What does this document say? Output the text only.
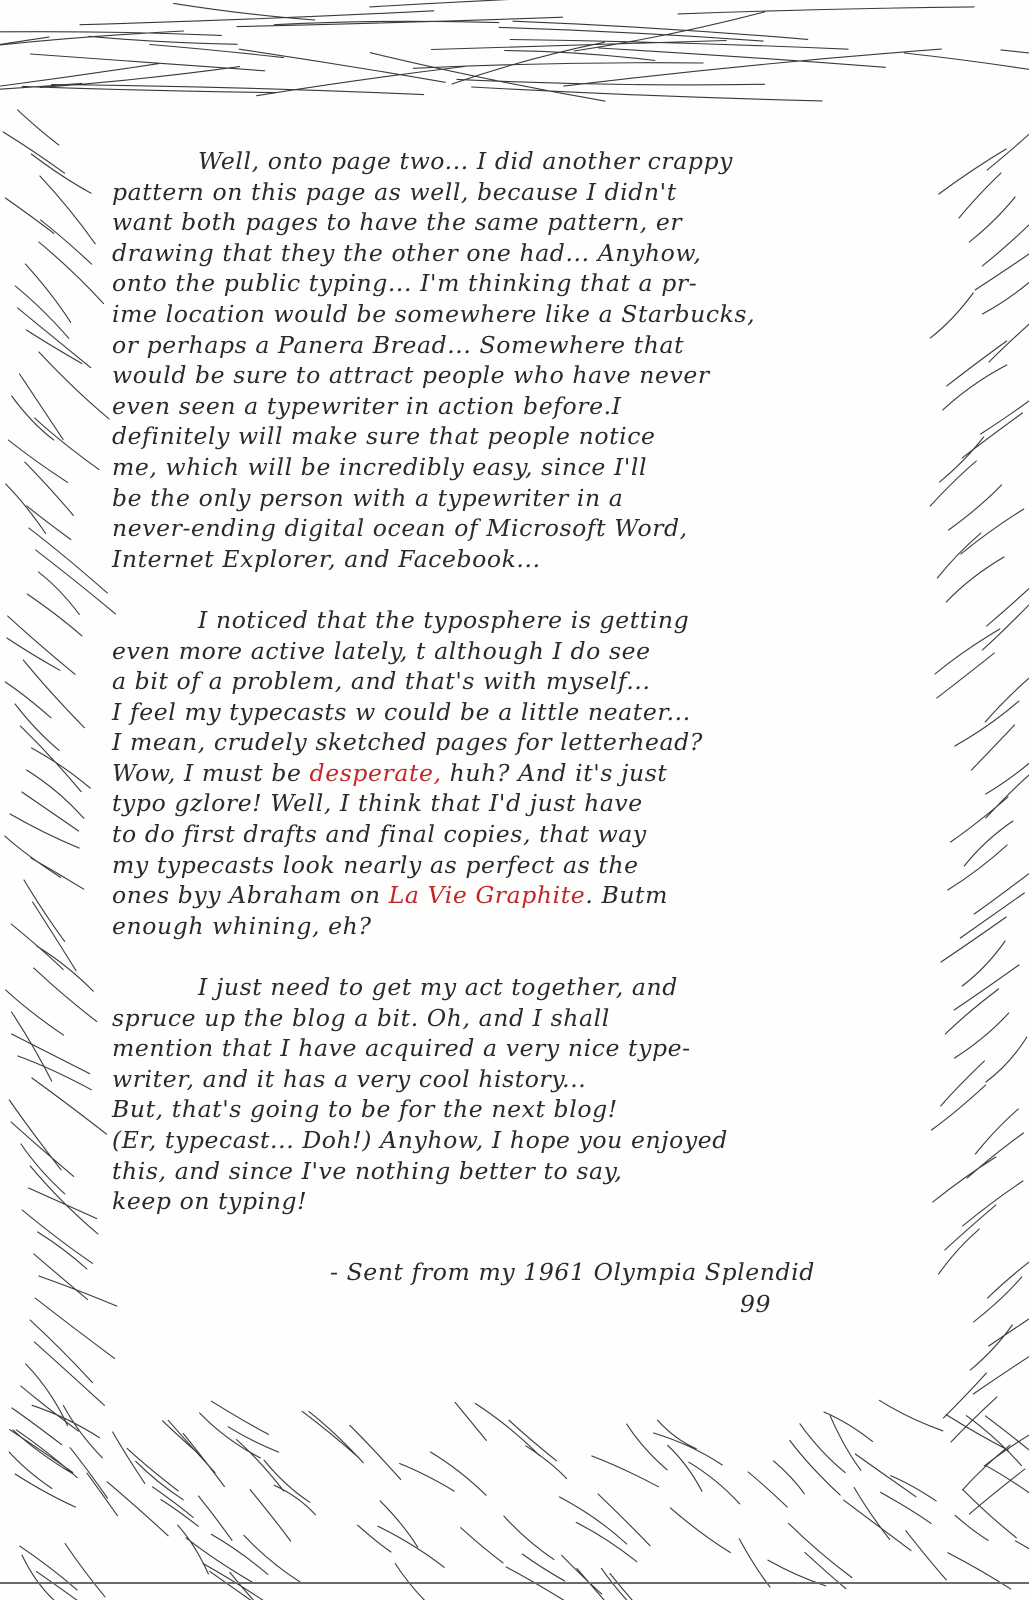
Well, onto page two... I did another crappy
pattern on this page as well, because I didn't
want both pages to have the same pattern, er
drawing that they the other one had... Anyhow,
onto the public typing... I'm thinking that a pr-
ime location would be somewhere like a Starbucks,
or perhaps a Panera Bread... Somewhere that
would be sure to attract people who have never
even seen a typewriter in action before.I
definitely will make sure that people notice
me, which will be incredibly easy, since I'll
be the only person with a typewriter in a
never-ending digital ocean of Microsoft Word,
Internet Explorer, and Facebook...
I noticed that the typosphere is getting
even more active lately, t although I do see
a bit of a problem, and that's with myself...
I feel my typecasts w could be a little neater...
I mean, crudely sketched pages for letterhead?
Wow, I must be desperate, huh? And it's just
typo gzlore! Well, I think that I'd just have
to do first drafts and final copies, that way
my typecasts look nearly as perfect as the
ones byy Abraham on La Vie Graphite. Butm
enough whining, eh?
I just need to get my act together, and
spruce up the blog a bit. Oh, and I shall
mention that I have acquired a very nice type-
writer, and it has a very cool history...
But, that's going to be for the next blog!
(Er, typecast... Doh!) Anyhow, I hope you enjoyed
this, and since I've nothing better to say,
keep on typing!
- Sent from my 1961 Olympia Splendid
99
